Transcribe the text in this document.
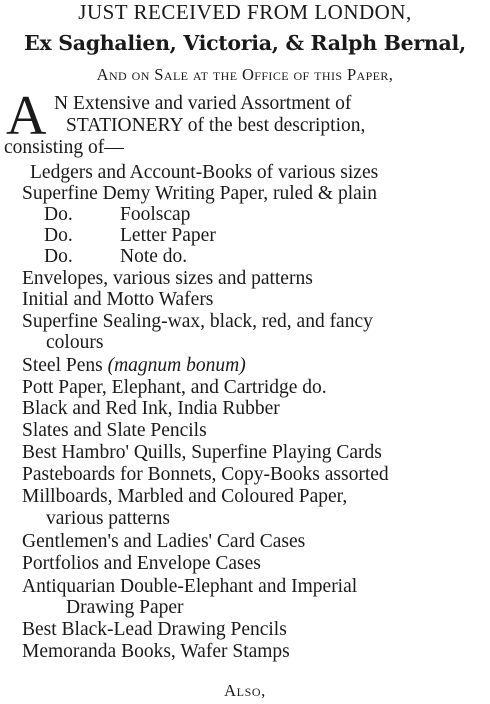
JUST RECEIVED FROM LONDON,
Ex Saghalien, Victoria, & Ralph Bernal,
And on Sale at the Office of this Paper,
A N Extensive and varied Assortment of
STATIONERY of the best description,
consisting of—
Ledgers and Account-Books of various sizes
Superfine Demy Writing Paper, ruled & plain
Do. Foolscap
Do. Letter Paper
Do. Note do.
Envelopes, various sizes and patterns
Initial and Motto Wafers
Superfine Sealing-wax, black, red, and fancy
colours
Steel Pens (magnum bonum)
Pott Paper, Elephant, and Cartridge do.
Black and Red Ink, India Rubber
Slates and Slate Pencils
Best Hambro' Quills, Superfine Playing Cards
Pasteboards for Bonnets, Copy-Books assorted
Millboards, Marbled and Coloured Paper,
various patterns
Gentlemen's and Ladies' Card Cases
Portfolios and Envelope Cases
Antiquarian Double-Elephant and Imperial
Drawing Paper
Best Black-Lead Drawing Pencils
Memoranda Books, Wafer Stamps
Also,
